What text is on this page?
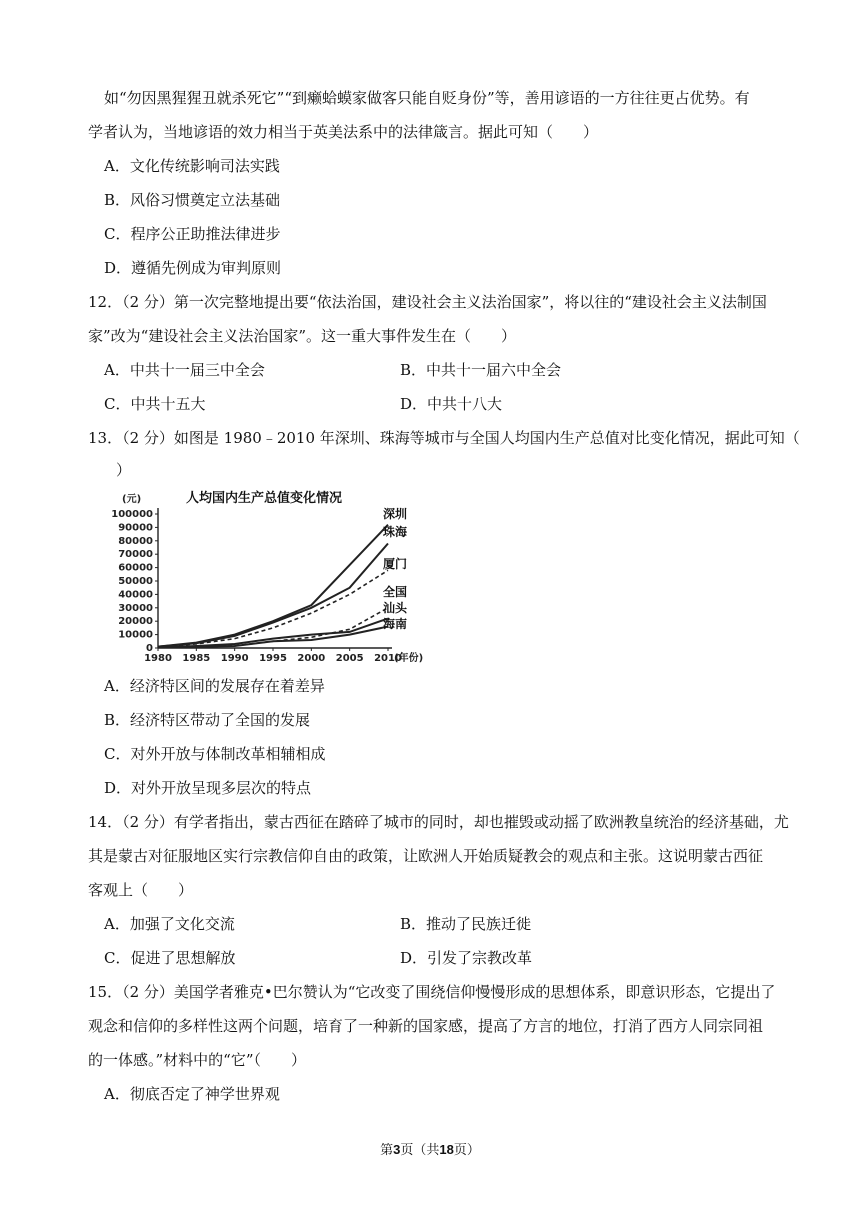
如“勿因黑猩猩丑就杀死它”“到癞蛤蟆家做客只能自贬身份”等，善用谚语的一方往往更占优势。有
学者认为，当地谚语的效力相当于英美法系中的法律箴言。据此可知（　　）
A．文化传统影响司法实践
B．风俗习惯奠定立法基础
C．程序公正助推法律进步
D．遵循先例成为审判原则
12．（2 分）第一次完整地提出要“依法治国，建设社会主义法治国家”，将以往的“建设社会主义法制国
家”改为“建设社会主义法治国家”。这一重大事件发生在（　　）
A．中共十一届三中全会	B．中共十一届六中全会
C．中共十五大	D．中共十八大
13．（2 分）如图是 1980﹣2010 年深圳、珠海等城市与全国人均国内生产总值对比变化情况，据此可知（
）
0
10000
20000
30000
40000
50000
60000
70000
80000
90000
100000
1980 1985 1990 1995 2000 2005 2010
(元)
(年份)
人均国内生产总值变化情况
深圳
珠海
厦门
全国
汕头
海南
A．经济特区间的发展存在着差异
B．经济特区带动了全国的发展
C．对外开放与体制改革相辅相成
D．对外开放呈现多层次的特点
14．（2 分）有学者指出，蒙古西征在踏碎了城市的同时，却也摧毁或动摇了欧洲教皇统治的经济基础，尤
其是蒙古对征服地区实行宗教信仰自由的政策，让欧洲人开始质疑教会的观点和主张。这说明蒙古西征
客观上（　　）
A．加强了文化交流	B．推动了民族迁徙
C．促进了思想解放	D．引发了宗教改革
15．（2 分）美国学者雅克•巴尔赞认为“它改变了围绕信仰慢慢形成的思想体系，即意识形态，它提出了
观念和信仰的多样性这两个问题，培育了一种新的国家感，提高了方言的地位，打消了西方人同宗同祖
的一体感。”材料中的“它”（　　）
A．彻底否定了神学世界观
第3页（共18页）
